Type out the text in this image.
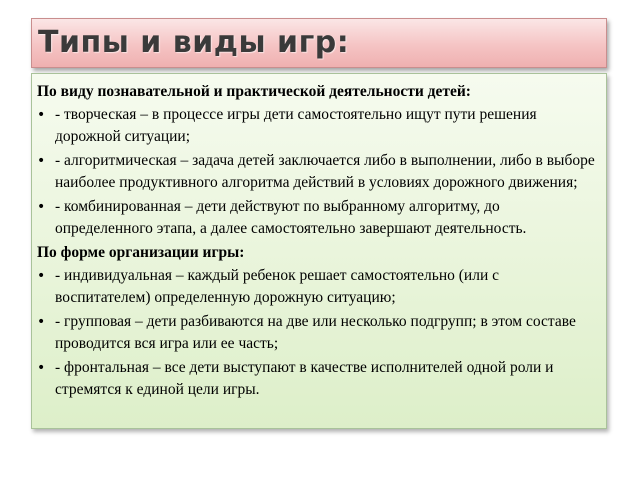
Типы и виды игр:
По виду познавательной и практической деятельности детей:
• - творческая – в процессе игры дети самостоятельно ищут пути решения дорожной ситуации;
• - алгоритмическая – задача детей заключается либо в выполнении, либо в выборе наиболее продуктивного алгоритма действий в условиях дорожного движения;
• - комбинированная – дети действуют по выбранному алгоритму, до определенного этапа, а далее самостоятельно завершают деятельность.
По форме организации игры:
• - индивидуальная – каждый ребенок решает самостоятельно (или с воспитателем) определенную дорожную ситуацию;
• - групповая – дети разбиваются на две или несколько подгрупп; в этом составе проводится вся игра или ее часть;
• - фронтальная – все дети выступают в качестве исполнителей одной роли и стремятся к единой цели игры.
